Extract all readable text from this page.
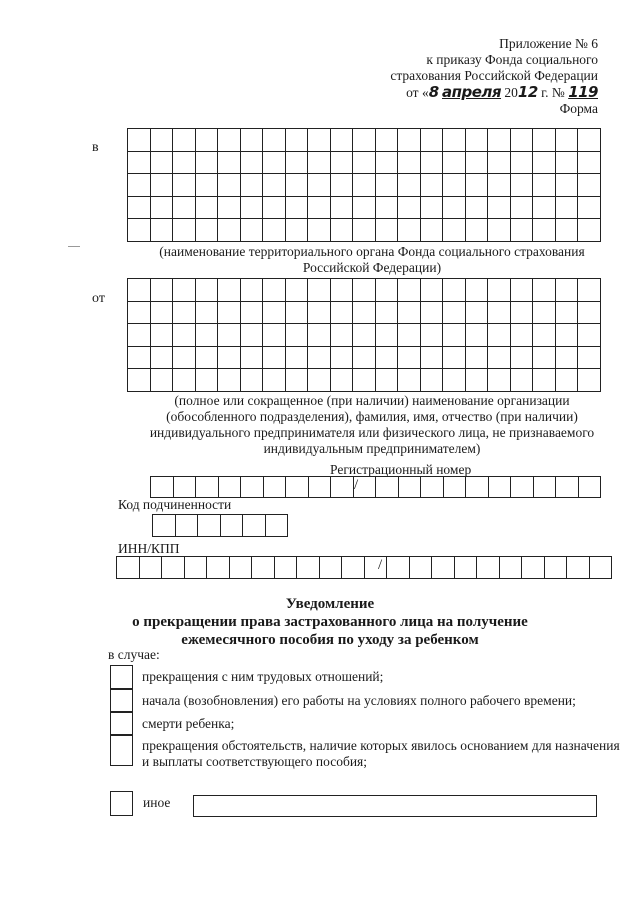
Приложение № 6
к приказу Фонда социального
страхования Российской Федерации
от «8 апреля 2012 г. № 119
Форма
в

(наименование территориального органа Фонда социального страхования
Российской Федерации)
от

(полное или сокращенное (при наличии) наименование организации
(обособленного подразделения), фамилия, имя, отчество (при наличии)
индивидуального предпринимателя или физического лица, не признаваемого
индивидуальным предпринимателем)
Регистрационный номер

/
Код подчиненности

ИНН/КПП

/
Уведомление
о прекращении права застрахованного лица на получение
ежемесячного пособия по уходу за ребенком
в случае:
прекращения с ним трудовых отношений;
начала (возобновления) его работы на условиях полного рабочего времени;
смерти ребенка;
прекращения обстоятельств, наличие которых явилось основанием для назначения
и выплаты соответствующего пособия;
иное
